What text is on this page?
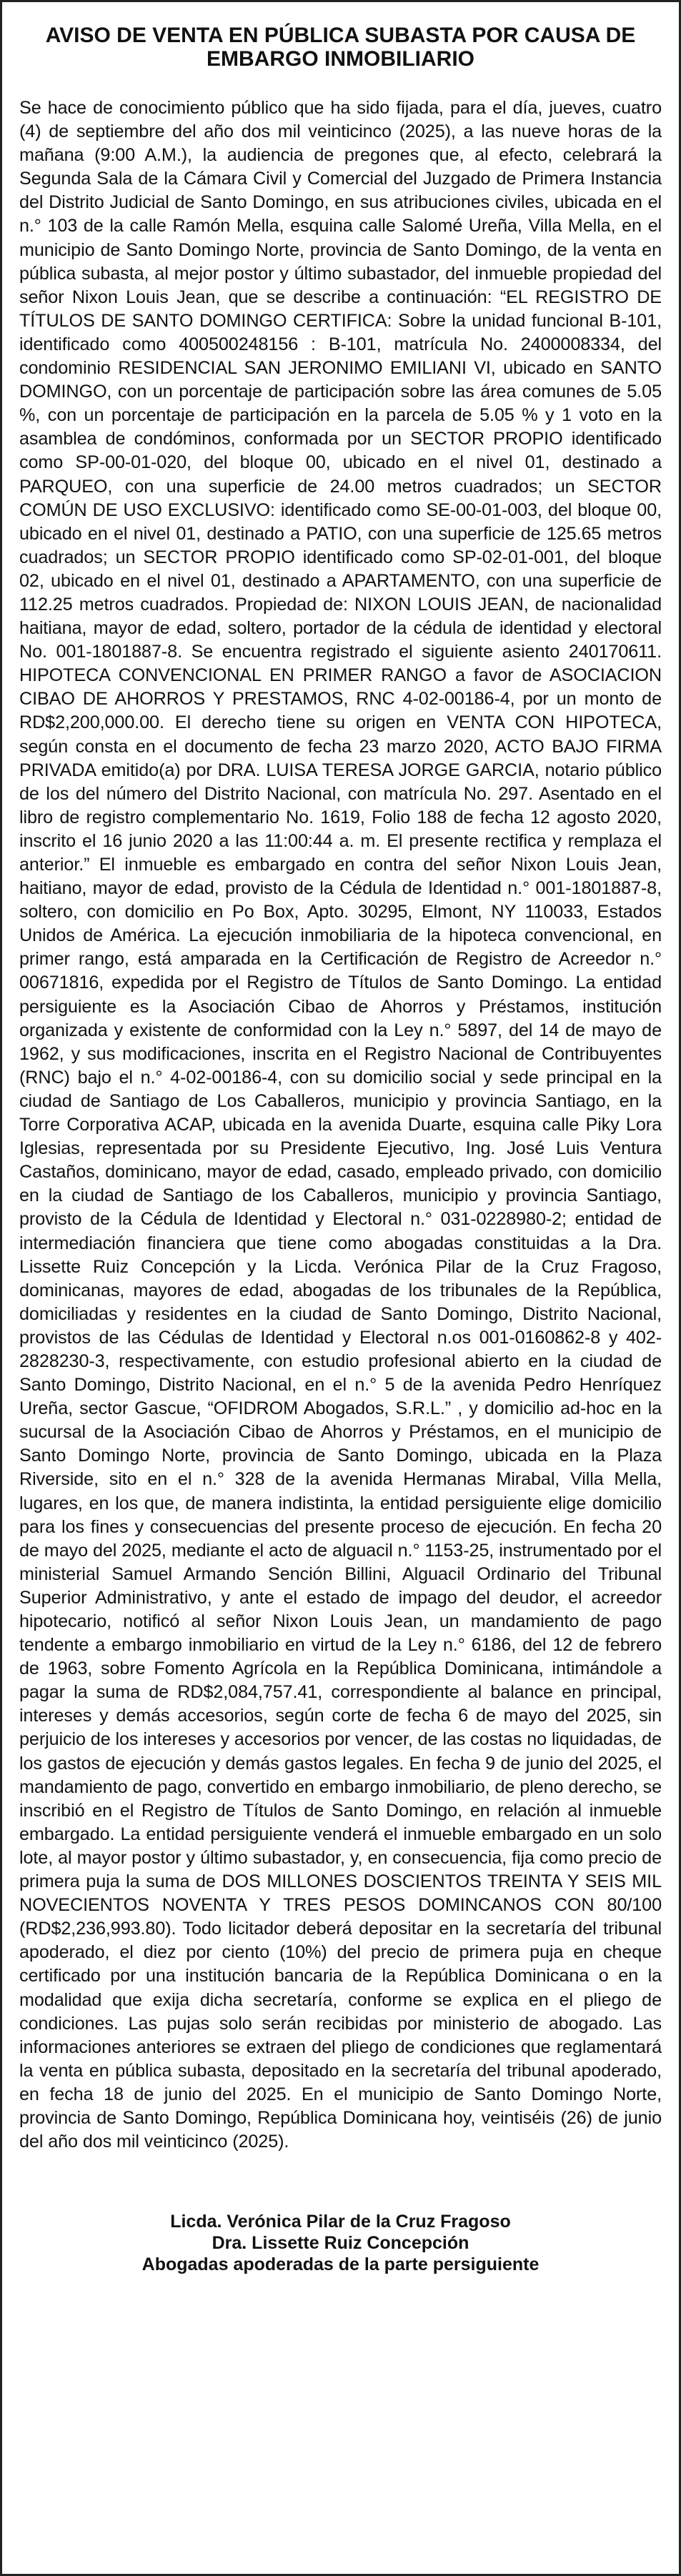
AVISO DE VENTA EN PÚBLICA SUBASTA POR CAUSA DE
EMBARGO INMOBILIARIO

Se hace de conocimiento público que ha sido fijada, para el día, jueves, cuatro (4) de septiembre del año dos mil veinticinco (2025), a las nueve horas de la mañana (9:00 A.M.), la audiencia de pregones que, al efecto, celebrará la Segunda Sala de la Cámara Civil y Comercial del Juzgado de Primera Instancia del Distrito Judicial de Santo Domingo, en sus atribuciones civiles, ubicada en el n.° 103 de la calle Ramón Mella, esquina calle Salomé Ureña, Villa Mella, en el municipio de Santo Domingo Norte, provincia de Santo Domingo, de la venta en pública subasta, al mejor postor y último subastador, del inmueble propiedad del señor Nixon Louis Jean, que se describe a continuación: “EL REGISTRO DE TÍTULOS DE SANTO DOMINGO CERTIFICA: Sobre la unidad funcional B-101, identificado como 400500248156 : B-101, matrícula No. 2400008334, del condominio RESIDENCIAL SAN JERONIMO EMILIANI VI, ubicado en SANTO DOMINGO, con un porcentaje de participación sobre las área comunes de 5.05 %, con un porcentaje de participación en la parcela de 5.05 % y 1 voto en la asamblea de condóminos, conformada por un SECTOR PROPIO identificado como SP-00-01-020, del bloque 00, ubicado en el nivel 01, destinado a PARQUEO, con una superficie de 24.00 metros cuadrados; un SECTOR COMÚN DE USO EXCLUSIVO: identificado como SE-00-01-003, del bloque 00, ubicado en el nivel 01, destinado a PATIO, con una superficie de 125.65 metros cuadrados; un SECTOR PROPIO identificado como SP-02-01-001, del bloque 02, ubicado en el nivel 01, destinado a APARTAMENTO, con una superficie de 112.25 metros cuadrados. Propiedad de: NIXON LOUIS JEAN, de nacionalidad haitiana, mayor de edad, soltero, portador de la cédula de identidad y electoral No. 001-1801887-8. Se encuentra registrado el siguiente asiento 240170611. HIPOTECA CONVENCIONAL EN PRIMER RANGO a favor de ASOCIACION CIBAO DE AHORROS Y PRESTAMOS, RNC 4-02-00186-4, por un monto de RD$2,200,000.00. El derecho tiene su origen en VENTA CON HIPOTECA, según consta en el documento de fecha 23 marzo 2020, ACTO BAJO FIRMA PRIVADA emitido(a) por DRA. LUISA TERESA JORGE GARCIA, notario público de los del número del Distrito Nacional, con matrícula No. 297. Asentado en el libro de registro complementario No. 1619, Folio 188 de fecha 12 agosto 2020, inscrito el 16 junio 2020 a las 11:00:44 a. m. El presente rectifica y remplaza el anterior.” El inmueble es embargado en contra del señor Nixon Louis Jean, haitiano, mayor de edad, provisto de la Cédula de Identidad n.° 001-1801887-8, soltero, con domicilio en Po Box, Apto. 30295, Elmont, NY 110033, Estados Unidos de América. La ejecución inmobiliaria de la hipoteca convencional, en primer rango, está amparada en la Certificación de Registro de Acreedor n.° 00671816, expedida por el Registro de Títulos de Santo Domingo. La entidad persiguiente es la Asociación Cibao de Ahorros y Préstamos, institución organizada y existente de conformidad con la Ley n.° 5897, del 14 de mayo de 1962, y sus modificaciones, inscrita en el Registro Nacional de Contribuyentes (RNC) bajo el n.° 4-02-00186-4, con su domicilio social y sede principal en la ciudad de Santiago de Los Caballeros, municipio y provincia Santiago, en la Torre Corporativa ACAP, ubicada en la avenida Duarte, esquina calle Piky Lora Iglesias, representada por su Presidente Ejecutivo, Ing. José Luis Ventura Castaños, dominicano, mayor de edad, casado, empleado privado, con domicilio en la ciudad de Santiago de los Caballeros, municipio y provincia Santiago, provisto de la Cédula de Identidad y Electoral n.° 031-0228980-2; entidad de intermediación financiera que tiene como abogadas constituidas a la Dra. Lissette Ruiz Concepción y la Licda. Verónica Pilar de la Cruz Fragoso, dominicanas, mayores de edad, abogadas de los tribunales de la República, domiciliadas y residentes en la ciudad de Santo Domingo, Distrito Nacional, provistos de las Cédulas de Identidad y Electoral n.os 001-0160862-8 y 402-2828230-3, respectivamente, con estudio profesional abierto en la ciudad de Santo Domingo, Distrito Nacional, en el n.° 5 de la avenida Pedro Henríquez Ureña, sector Gascue, “OFIDROM Abogados, S.R.L.” , y domicilio ad-hoc en la sucursal de la Asociación Cibao de Ahorros y Préstamos, en el municipio de Santo Domingo Norte, provincia de Santo Domingo, ubicada en la Plaza Riverside, sito en el n.° 328 de la avenida Hermanas Mirabal, Villa Mella, lugares, en los que, de manera indistinta, la entidad persiguiente elige domicilio para los fines y consecuencias del presente proceso de ejecución. En fecha 20 de mayo del 2025, mediante el acto de alguacil n.° 1153-25, instrumentado por el ministerial Samuel Armando Sención Billini, Alguacil Ordinario del Tribunal Superior Administrativo, y ante el estado de impago del deudor, el acreedor hipotecario, notificó al señor Nixon Louis Jean, un mandamiento de pago tendente a embargo inmobiliario en virtud de la Ley n.° 6186, del 12 de febrero de 1963, sobre Fomento Agrícola en la República Dominicana, intimándole a pagar la suma de RD$2,084,757.41, correspondiente al balance en principal, intereses y demás accesorios, según corte de fecha 6 de mayo del 2025, sin perjuicio de los intereses y accesorios por vencer, de las costas no liquidadas, de los gastos de ejecución y demás gastos legales. En fecha 9 de junio del 2025, el mandamiento de pago, convertido en embargo inmobiliario, de pleno derecho, se inscribió en el Registro de Títulos de Santo Domingo, en relación al inmueble embargado. La entidad persiguiente venderá el inmueble embargado en un solo lote, al mayor postor y último subastador, y, en consecuencia, fija como precio de primera puja la suma de DOS MILLONES DOSCIENTOS TREINTA Y SEIS MIL NOVECIENTOS NOVENTA Y TRES PESOS DOMINCANOS CON 80/100 (RD$2,236,993.80). Todo licitador deberá depositar en la secretaría del tribunal apoderado, el diez por ciento (10%) del precio de primera puja en cheque certificado por una institución bancaria de la República Dominicana o en la modalidad que exija dicha secretaría, conforme se explica en el pliego de condiciones. Las pujas solo serán recibidas por ministerio de abogado. Las informaciones anteriores se extraen del pliego de condiciones que reglamentará la venta en pública subasta, depositado en la secretaría del tribunal apoderado, en fecha 18 de junio del 2025. En el municipio de Santo Domingo Norte, provincia de Santo Domingo, República Dominicana hoy, veintiséis (26) de junio del año dos mil veinticinco (2025).

Licda. Verónica Pilar de la Cruz Fragoso
Dra. Lissette Ruiz Concepción
Abogadas apoderadas de la parte persiguiente
